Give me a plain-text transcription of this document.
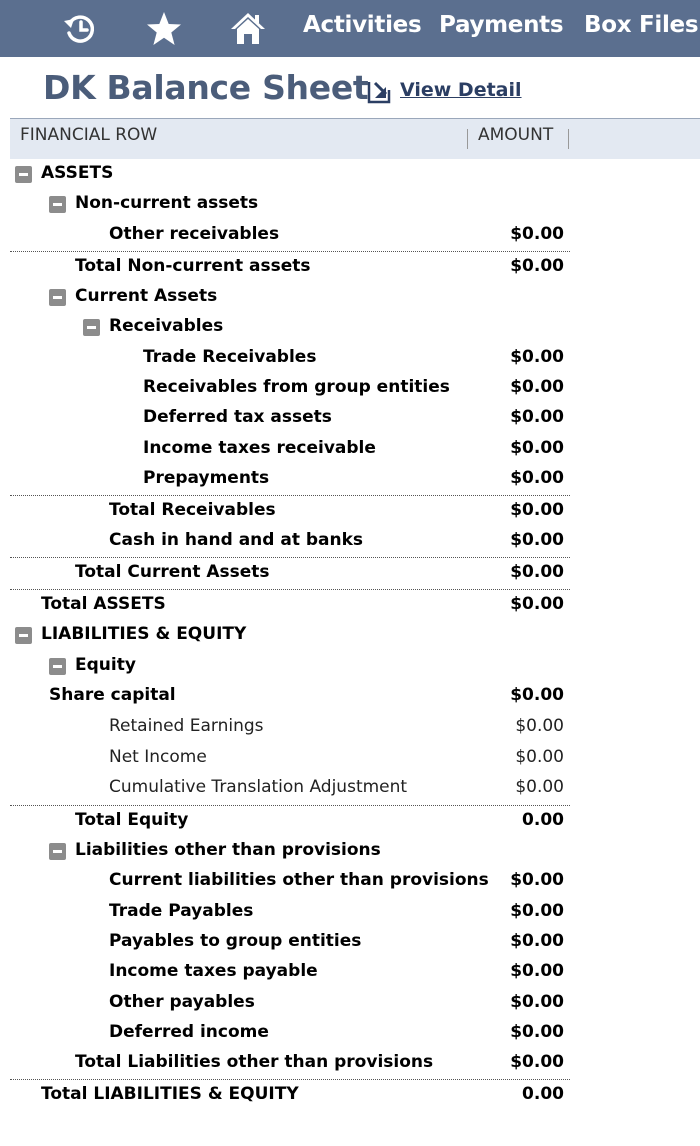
Activities Payments Box Files
DK Balance Sheet View Detail
FINANCIAL ROW	AMOUNT
ASSETS
Non-current assets
Other receivables	$0.00
Total Non-current assets	$0.00
Current Assets
Receivables
Trade Receivables	$0.00
Receivables from group entities	$0.00
Deferred tax assets	$0.00
Income taxes receivable	$0.00
Prepayments	$0.00
Total Receivables	$0.00
Cash in hand and at banks	$0.00
Total Current Assets	$0.00
Total ASSETS	$0.00
LIABILITIES & EQUITY
Equity
Share capital	$0.00
Retained Earnings	$0.00
Net Income	$0.00
Cumulative Translation Adjustment	$0.00
Total Equity	0.00
Liabilities other than provisions
Current liabilities other than provisions $0.00
Trade Payables	$0.00
Payables to group entities	$0.00
Income taxes payable	$0.00
Other payables	$0.00
Deferred income	$0.00
Total Liabilities other than provisions	$0.00
Total LIABILITIES & EQUITY	0.00
